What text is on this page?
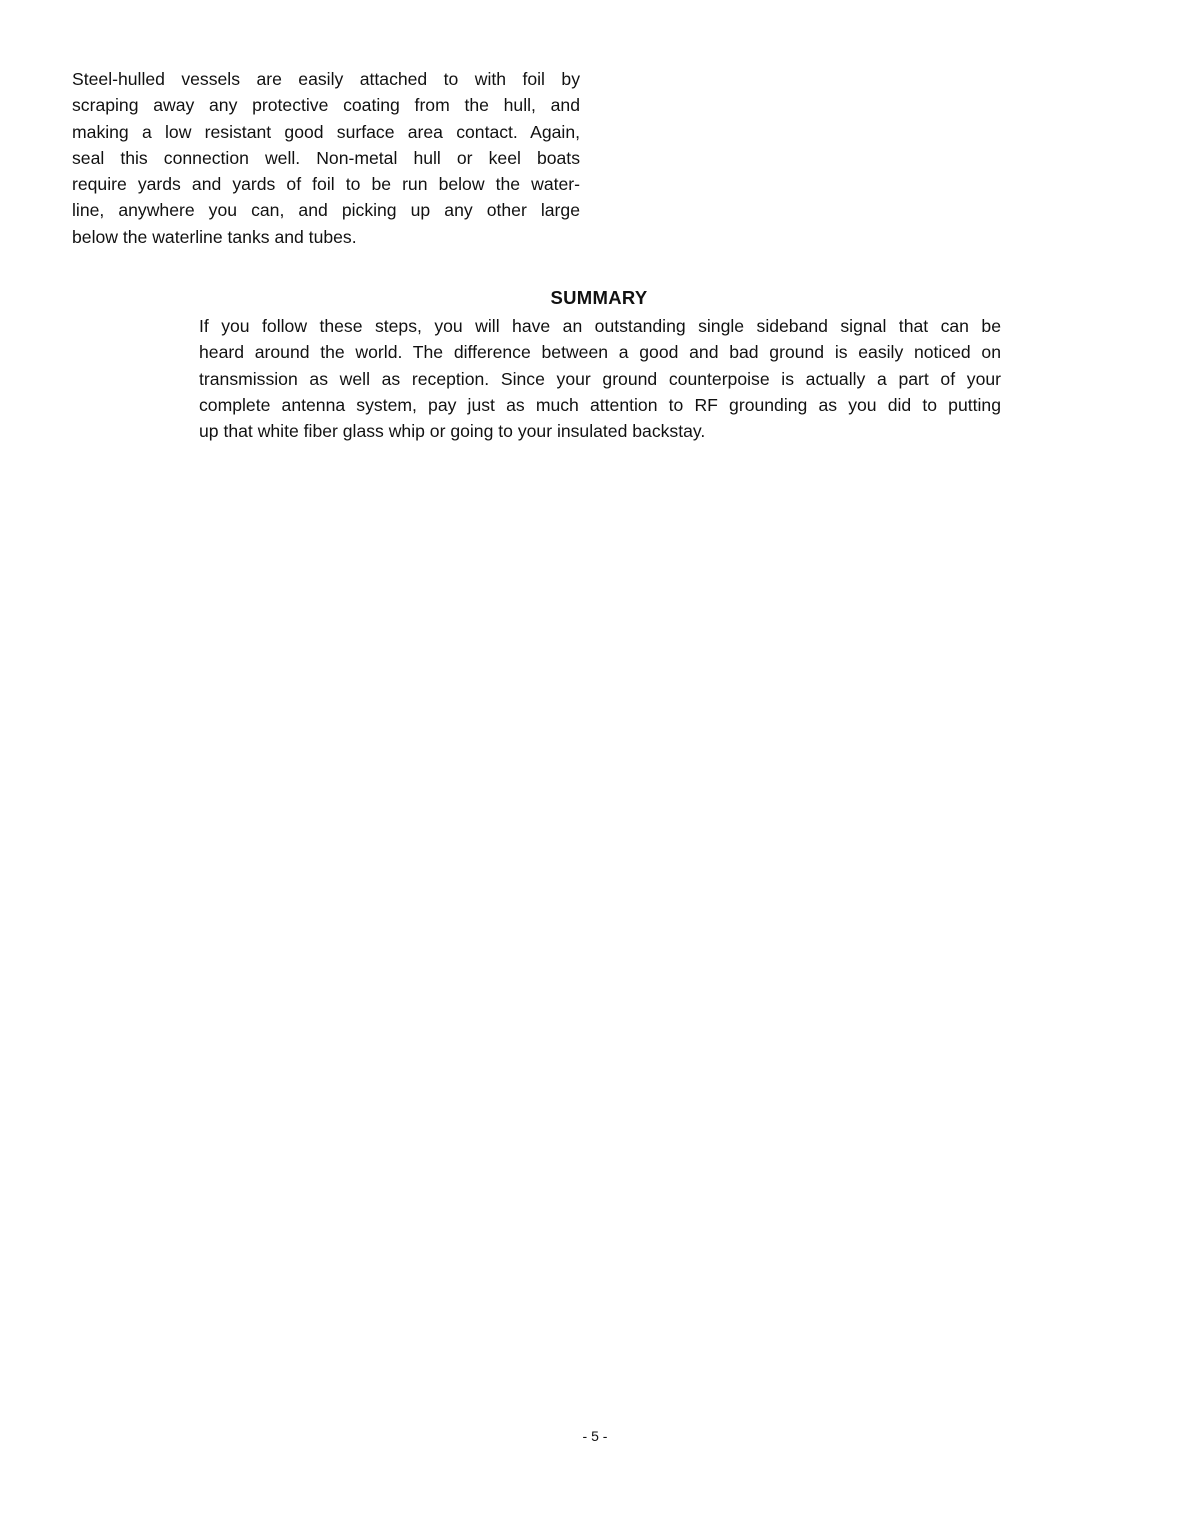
Steel-hulled vessels are easily attached to with foil by
scraping away any protective coating from the hull, and
making a low resistant good surface area contact. Again,
seal this connection well. Non-metal hull or keel boats
require yards and yards of foil to be run below the water-
line, anywhere you can, and picking up any other large
below the waterline tanks and tubes.
SUMMARY
If you follow these steps, you will have an outstanding single sideband signal that can be
heard around the world. The difference between a good and bad ground is easily noticed on
transmission as well as reception. Since your ground counterpoise is actually a part of your
complete antenna system, pay just as much attention to RF grounding as you did to putting
up that white fiber glass whip or going to your insulated backstay.
- 5 -
